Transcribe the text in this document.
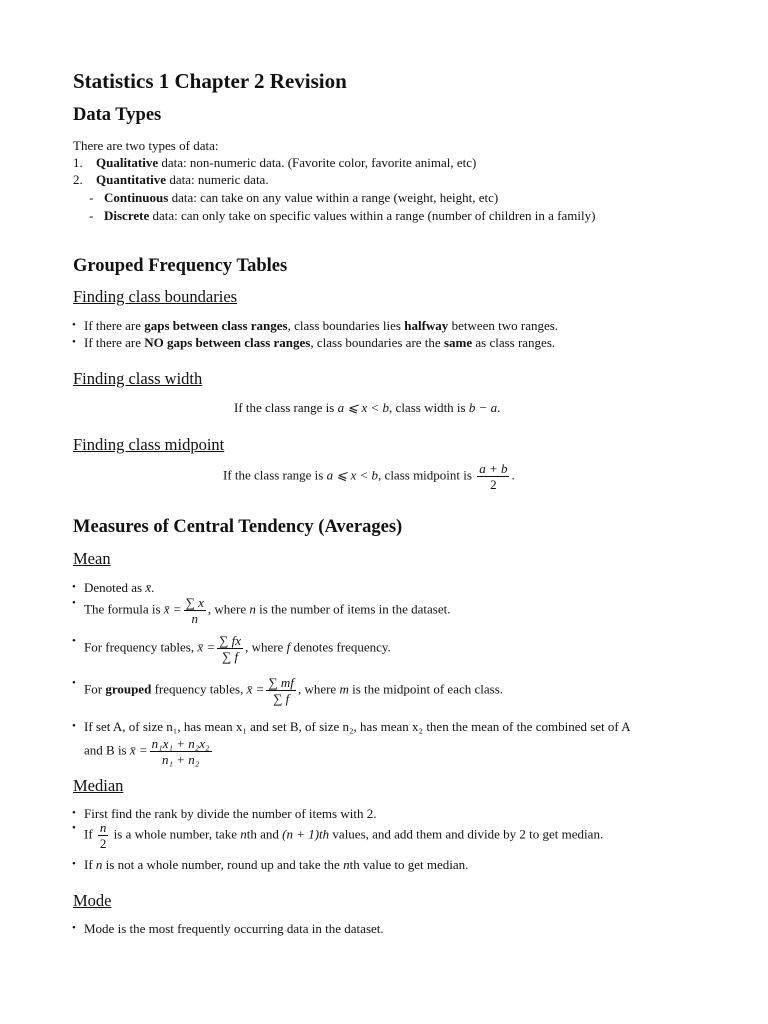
Statistics 1 Chapter 2 Revision
Data Types
There are two types of data:
1. Qualitative data: non-numeric data. (Favorite color, favorite animal, etc)
2. Quantitative data: numeric data.
- Continuous data: can take on any value within a range (weight, height, etc)
- Discrete data: can only take on specific values within a range (number of children in a family)
Grouped Frequency Tables
Finding class boundaries
• If there are gaps between class ranges, class boundaries lies halfway between two ranges.
• If there are NO gaps between class ranges, class boundaries are the same as class ranges.
Finding class width
If the class range is a ⩽ x < b, class width is b − a.
Finding class midpoint
If the class range is a ⩽ x < b, class midpoint is $\frac{a + b}{2}$ .
Measures of Central Tendency (Averages)
Mean
• Denoted as x̄.
• The formula is x̄ = $\frac{\sum x}{n}$ , where n is the number of items in the dataset.
• For frequency tables, x̄ = $\frac{\sum fx}{\sum f}$ , where f denotes frequency.
• For grouped frequency tables, x̄ = $\frac{\sum mf}{\sum f}$ , where m is the midpoint of each class.
• If set A, of size n₁, has mean x₁ and set B, of size n₂, has mean x₂ then the mean of the combined set of A
and B is x̄ = $\frac{\text{n₁x₁ + n₂x₂}}{\text{n₁ + n₂}}$
Median
• First find the rank by divide the number of items with 2.
• If $\frac{n}{2}$ is a whole number, take nth and (n + 1)th values, and add them and divide by 2 to get median.
• If n is not a whole number, round up and take the nth value to get median.
Mode
• Mode is the most frequently occurring data in the dataset.
